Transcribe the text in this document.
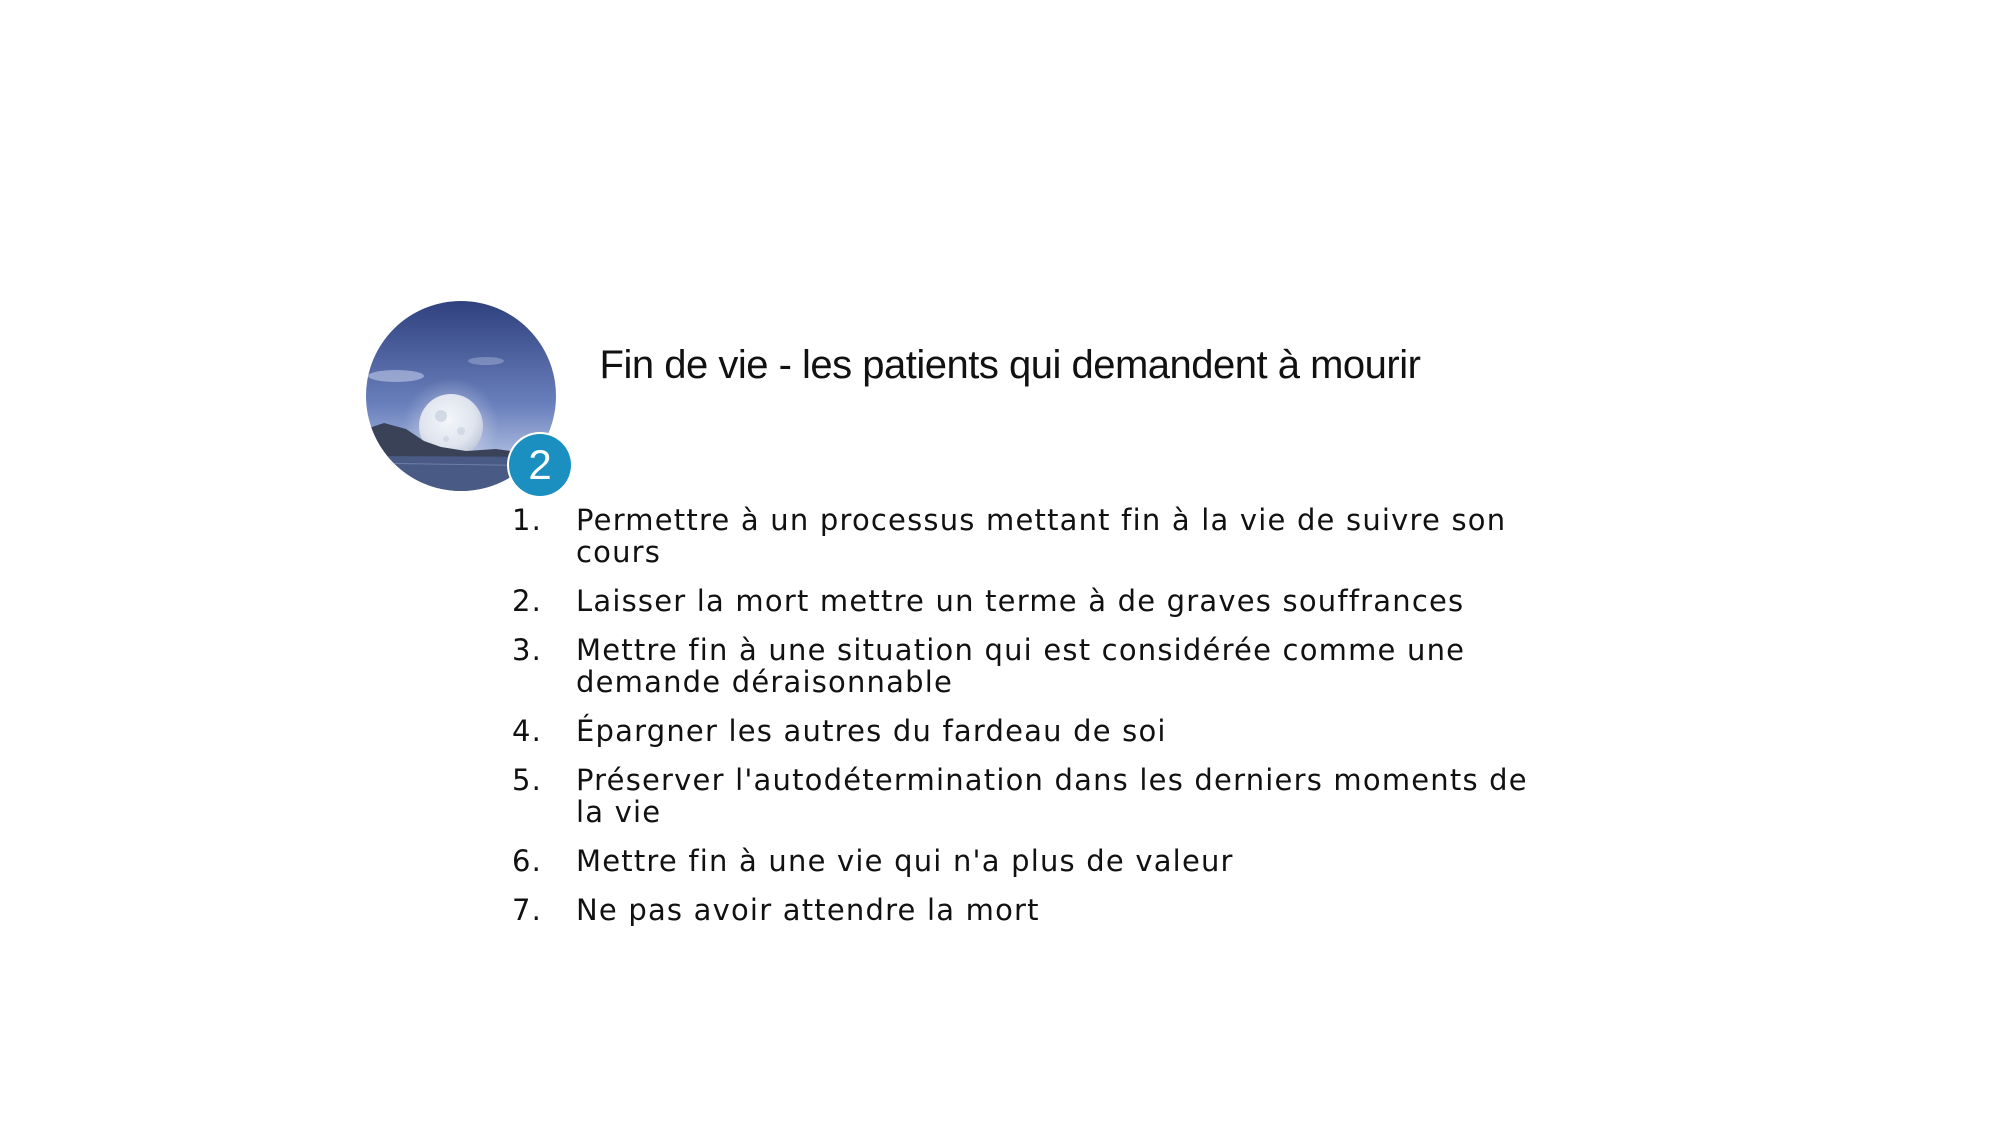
2
Fin de vie - les patients qui demandent à mourir
1.	Permettre à un processus mettant fin à la vie de suivre son cours
2.	Laisser la mort mettre un terme à de graves souffrances
3.	Mettre fin à une situation qui est considérée comme une demande déraisonnable
4.	Épargner les autres du fardeau de soi
5.	Préserver l'autodétermination dans les derniers moments de la vie
6.	Mettre fin à une vie qui n'a plus de valeur
7.	Ne pas avoir attendre la mort
